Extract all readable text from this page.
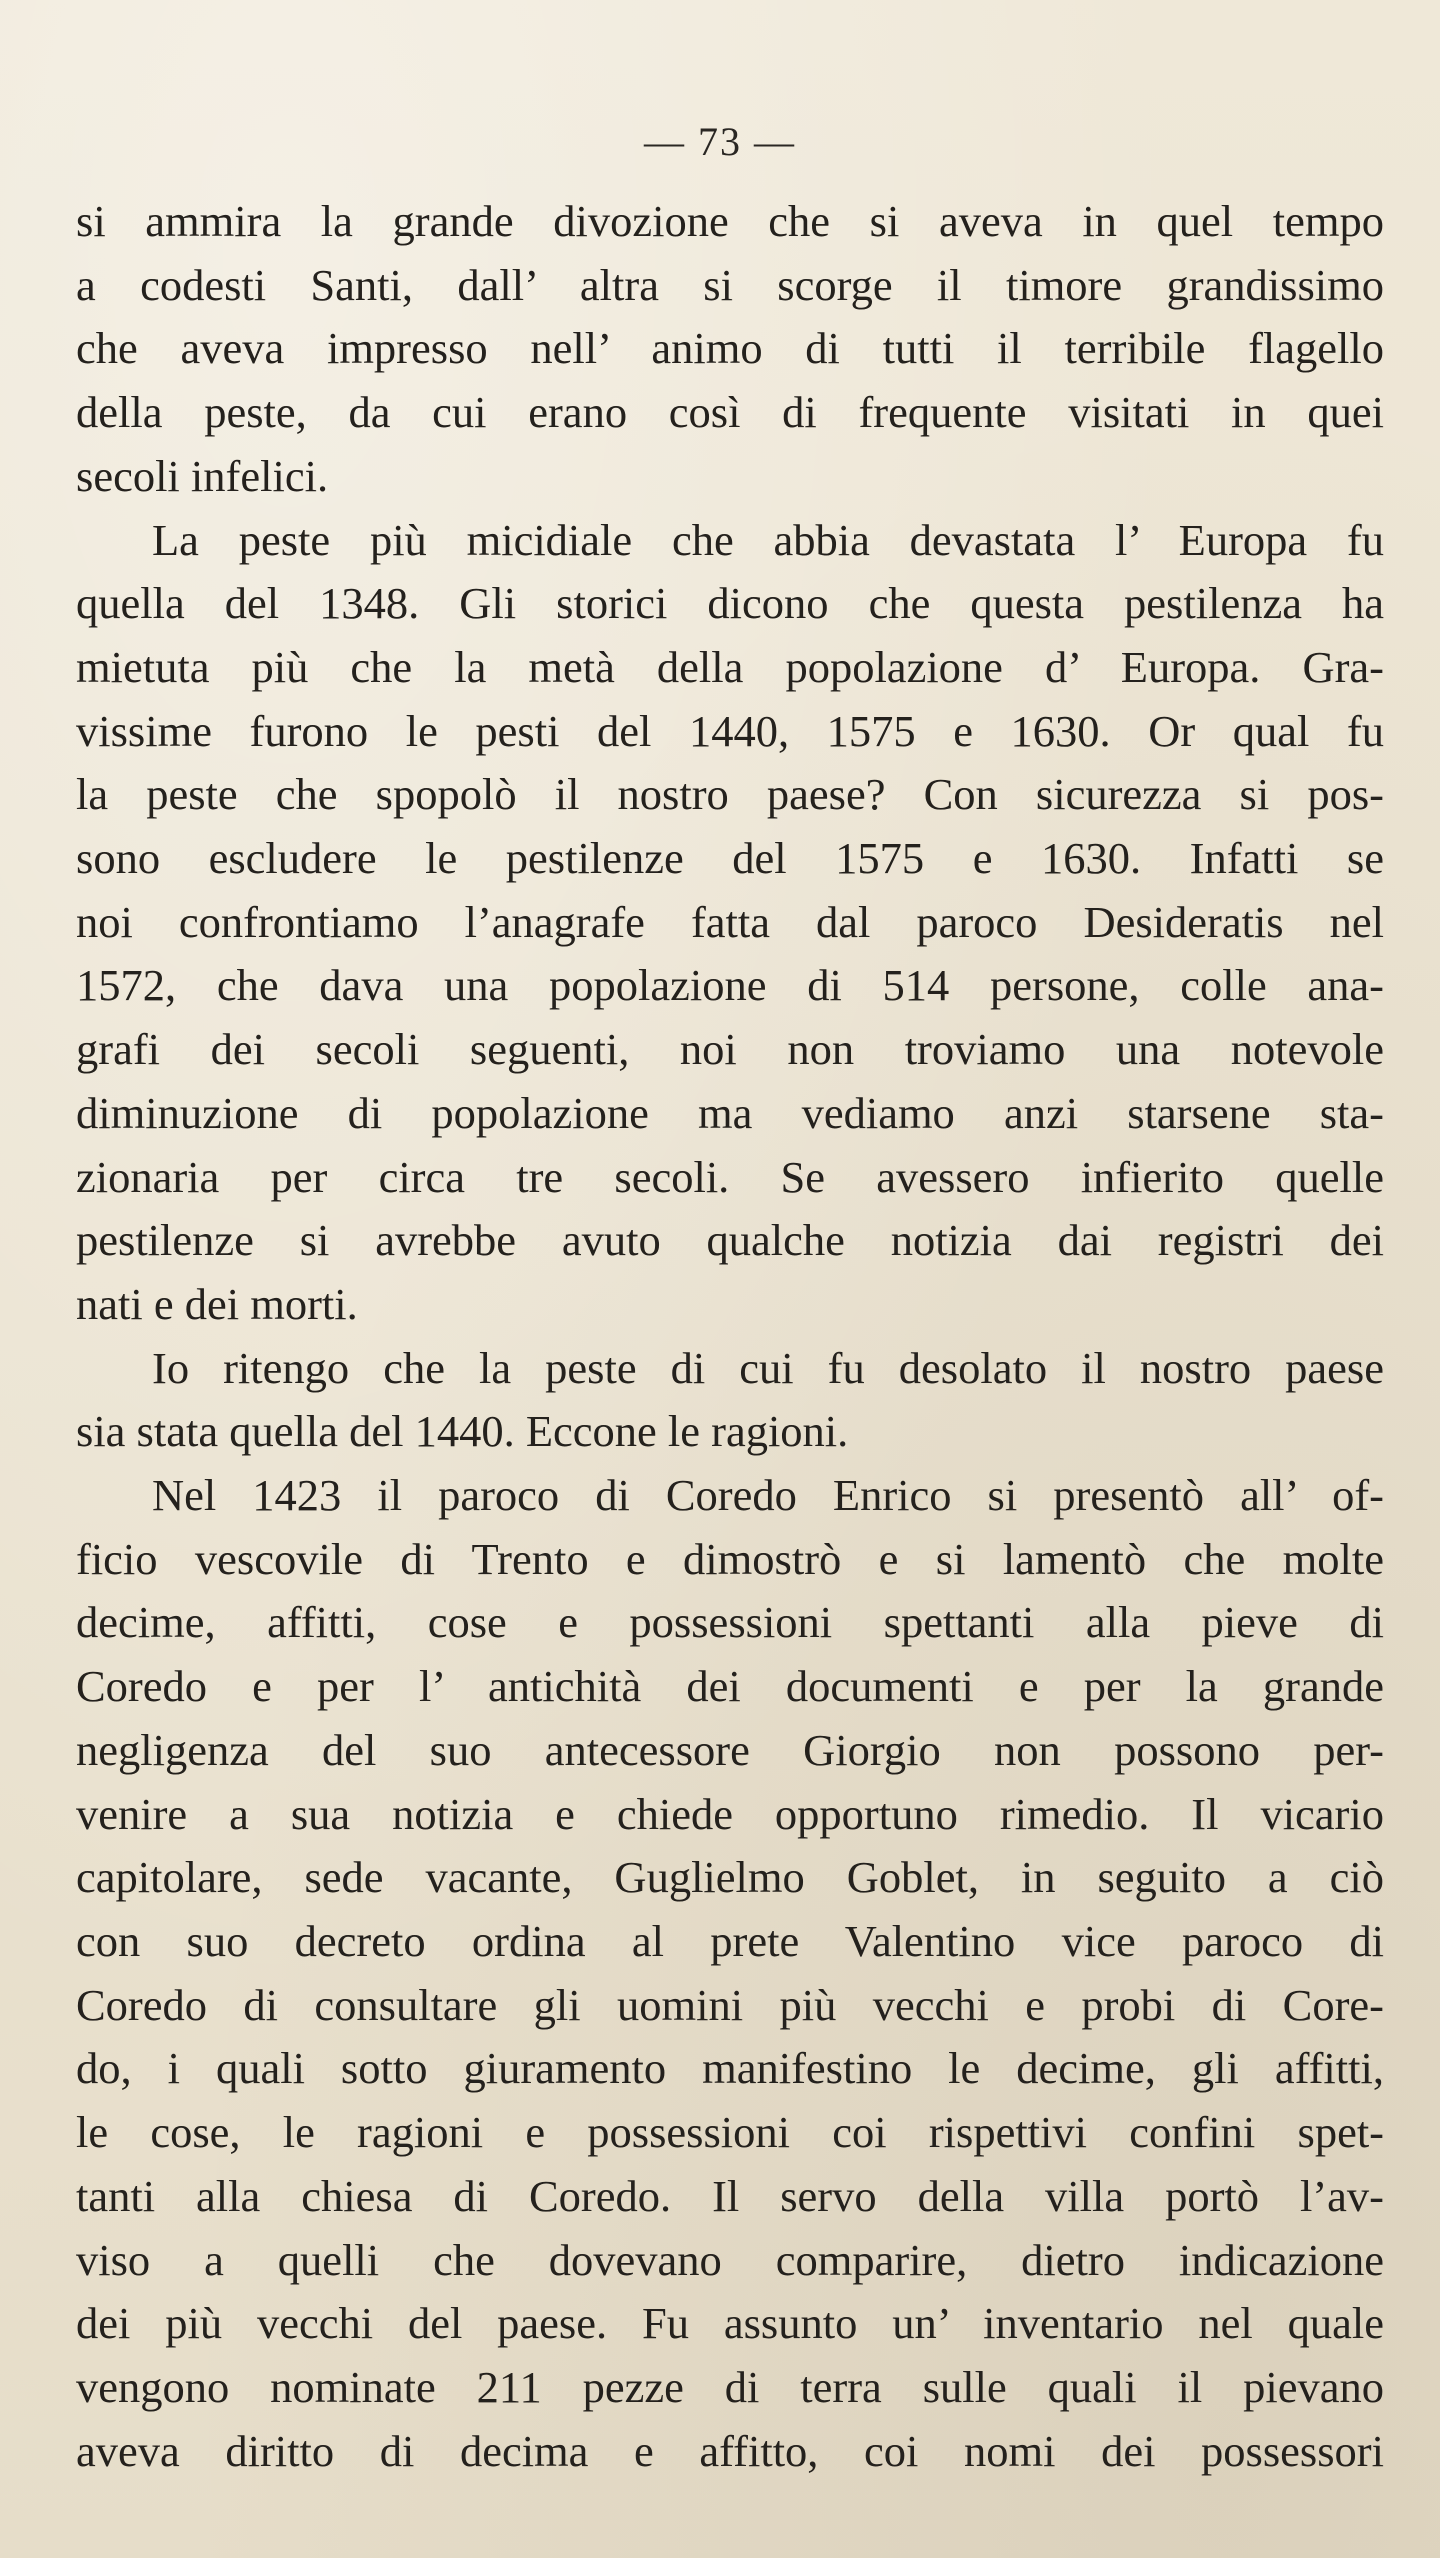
— 73 —
si ammira la grande divozione che si aveva in quel tempo
a codesti Santi, dall’ altra si scorge il timore grandissimo
che aveva impresso nell’ animo di tutti il terribile flagello
della peste, da cui erano così di frequente visitati in quei
secoli infelici.
La peste più micidiale che abbia devastata l’ Europa fu
quella del 1348. Gli storici dicono che questa pestilenza ha
mietuta più che la metà della popolazione d’ Europa. Gra-
vissime furono le pesti del 1440, 1575 e 1630. Or qual fu
la peste che spopolò il nostro paese? Con sicurezza si pos-
sono escludere le pestilenze del 1575 e 1630. Infatti se
noi confrontiamo l’anagrafe fatta dal paroco Desideratis nel
1572, che dava una popolazione di 514 persone, colle ana-
grafi dei secoli seguenti, noi non troviamo una notevole
diminuzione di popolazione ma vediamo anzi starsene sta-
zionaria per circa tre secoli. Se avessero infierito quelle
pestilenze si avrebbe avuto qualche notizia dai registri dei
nati e dei morti.
Io ritengo che la peste di cui fu desolato il nostro paese
sia stata quella del 1440. Eccone le ragioni.
Nel 1423 il paroco di Coredo Enrico si presentò all’ of-
ficio vescovile di Trento e dimostrò e si lamentò che molte
decime, affitti, cose e possessioni spettanti alla pieve di
Coredo e per l’ antichità dei documenti e per la grande
negligenza del suo antecessore Giorgio non possono per-
venire a sua notizia e chiede opportuno rimedio. Il vicario
capitolare, sede vacante, Guglielmo Goblet, in seguito a ciò
con suo decreto ordina al prete Valentino vice paroco di
Coredo di consultare gli uomini più vecchi e probi di Core-
do, i quali sotto giuramento manifestino le decime, gli affitti,
le cose, le ragioni e possessioni coi rispettivi confini spet-
tanti alla chiesa di Coredo. Il servo della villa portò l’av-
viso a quelli che dovevano comparire, dietro indicazione
dei più vecchi del paese. Fu assunto un’ inventario nel quale
vengono nominate 211 pezze di terra sulle quali il pievano
aveva diritto di decima e affitto, coi nomi dei possessori
